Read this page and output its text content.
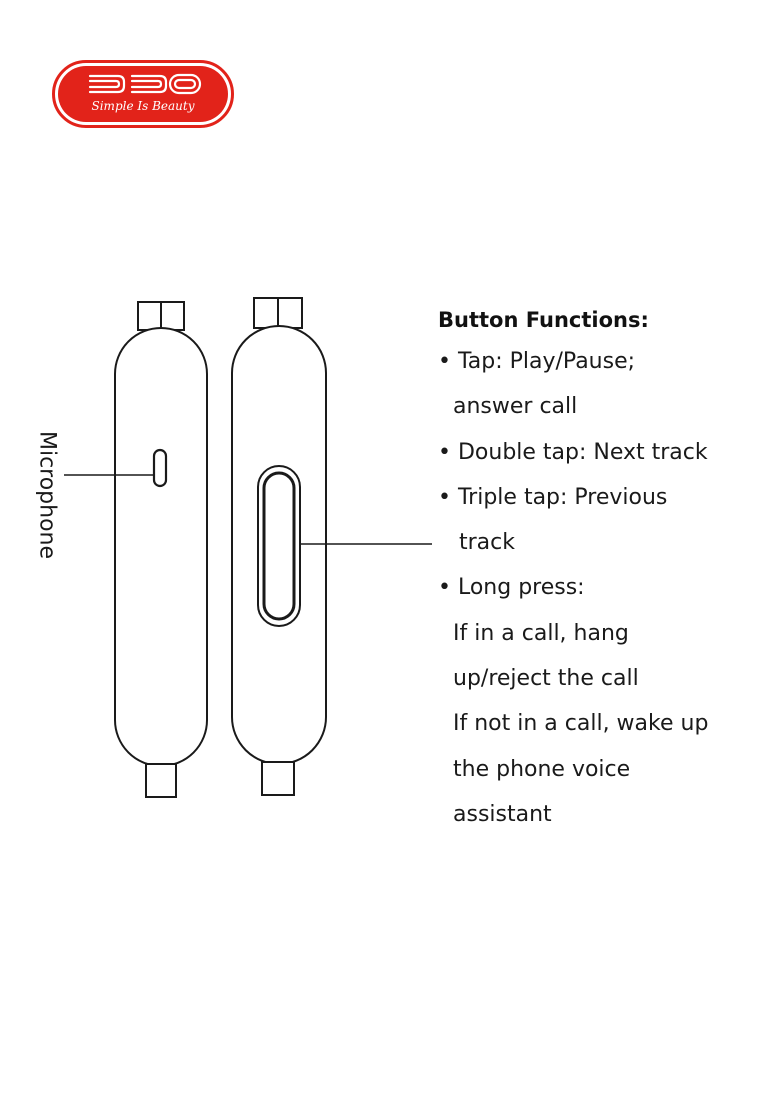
Simple Is Beauty
Microphone
Button Functions:
• Tap: Play/Pause;
answer call
• Double tap: Next track
• Triple tap: Previous
track
• Long press:
If in a call, hang
up/reject the call
If not in a call, wake up
the phone voice
assistant
